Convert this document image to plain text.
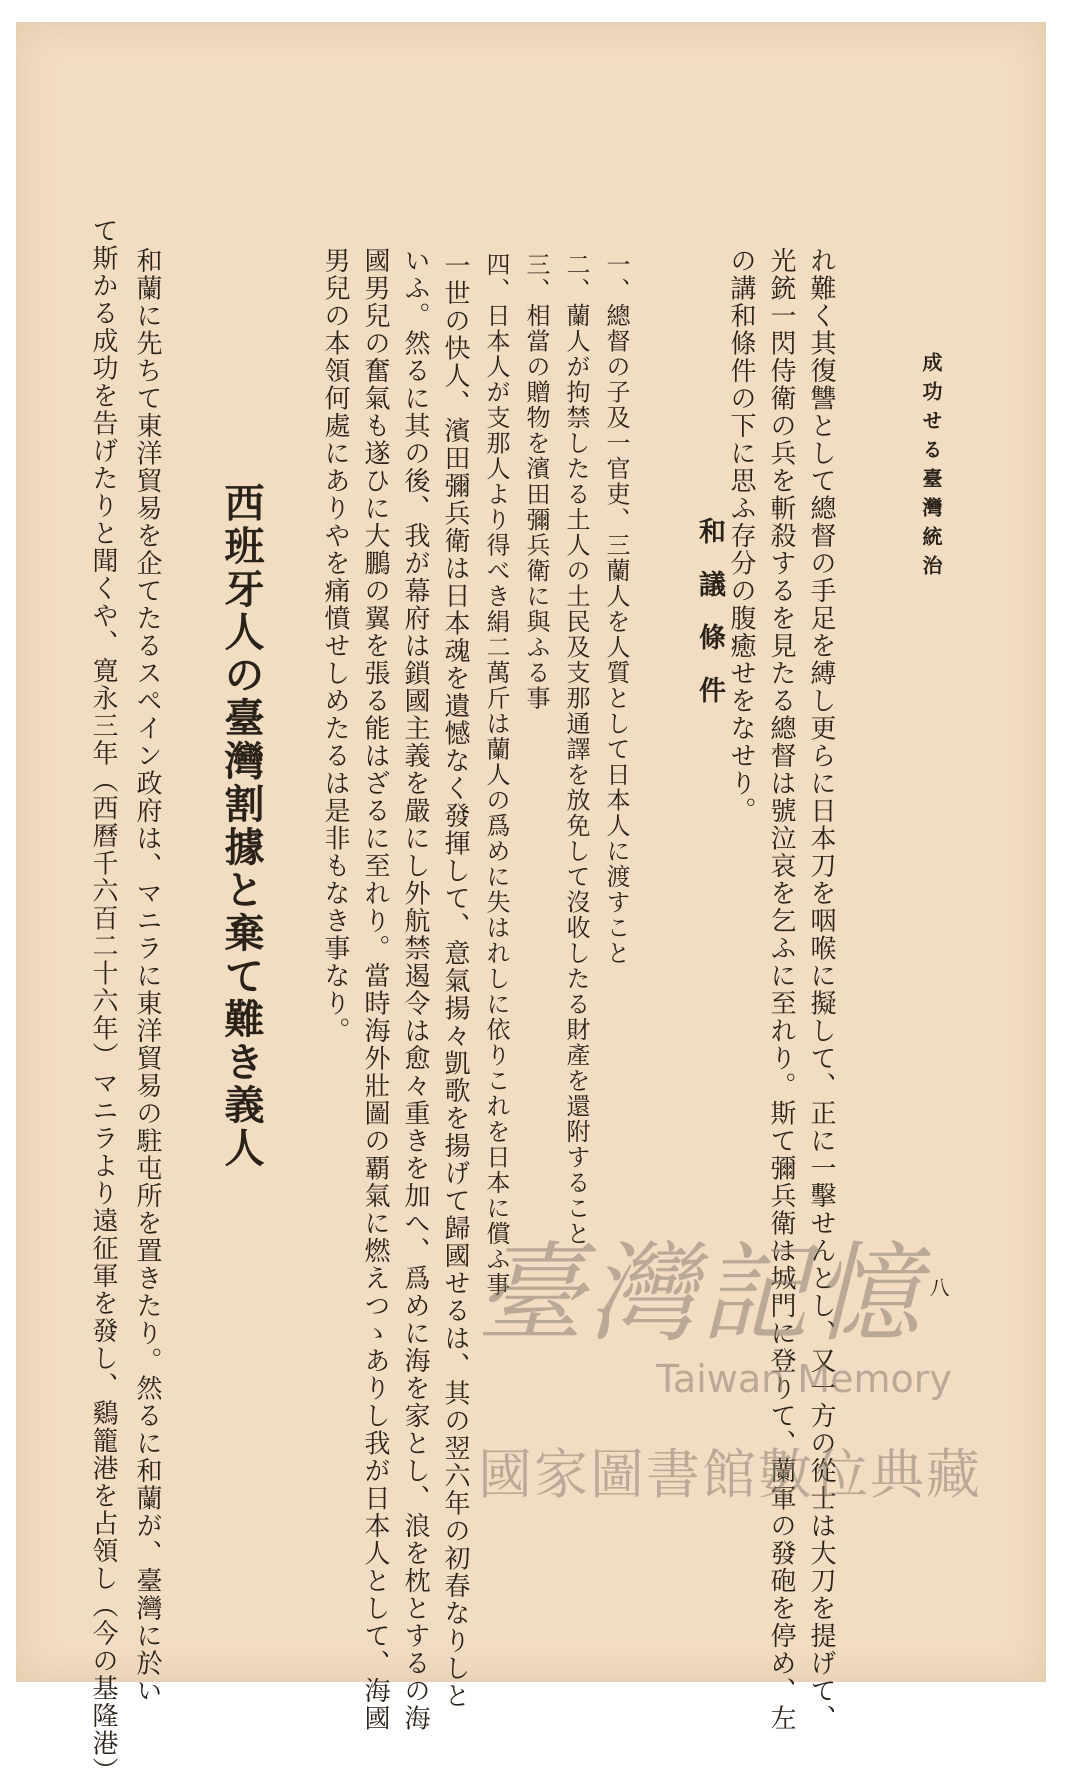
成功せる臺灣統治
八
れ難く其復讐として總督の手足を縛し更らに日本刀を咽喉に擬して、正に一擊せんとし、又一方の從士は大刀を提げて、
光銃一閃侍衛の兵を斬殺するを見たる總督は號泣哀を乞ふに至れり。斯て彌兵衛は城門に登りて、蘭軍の發砲を停め、左
の講和條件の下に思ふ存分の腹癒せをなせり。
和議條件
一、總督の子及一官吏、三蘭人を人質として日本人に渡すこと
二、蘭人が拘禁したる土人の土民及支那通譯を放免して沒收したる財產を還附すること
三、相當の贈物を濱田彌兵衛に與ふる事
四、日本人が支那人より得べき絹二萬斤は蘭人の爲めに失はれしに依りこれを日本に償ふ事
一世の快人、濱田彌兵衛は日本魂を遺憾なく發揮して、意氣揚々凱歌を揚げて歸國せるは、其の翌六年の初春なりしと
いふ。然るに其の後、我が幕府は鎖國主義を嚴にし外航禁遏令は愈々重きを加へ、爲めに海を家とし、浪を枕とするの海
國男兒の奮氣も遂ひに大鵬の翼を張る能はざるに至れり。當時海外壯圖の覇氣に燃えつゝありし我が日本人として、海國
男兒の本領何處にありやを痛憤せしめたるは是非もなき事なり。
西班牙人の臺灣割據と棄て難き義人
和蘭に先ちて東洋貿易を企てたるスペイン政府は、マニラに東洋貿易の駐屯所を置きたり。然るに和蘭が、臺灣に於い
て斯かる成功を告げたりと聞くや、寛永三年（西曆千六百二十六年）マニラより遠征軍を發し、鷄籠港を占領し（今の基隆港）	臺灣記憶
Taiwan Memory
國家圖書館數位典藏
